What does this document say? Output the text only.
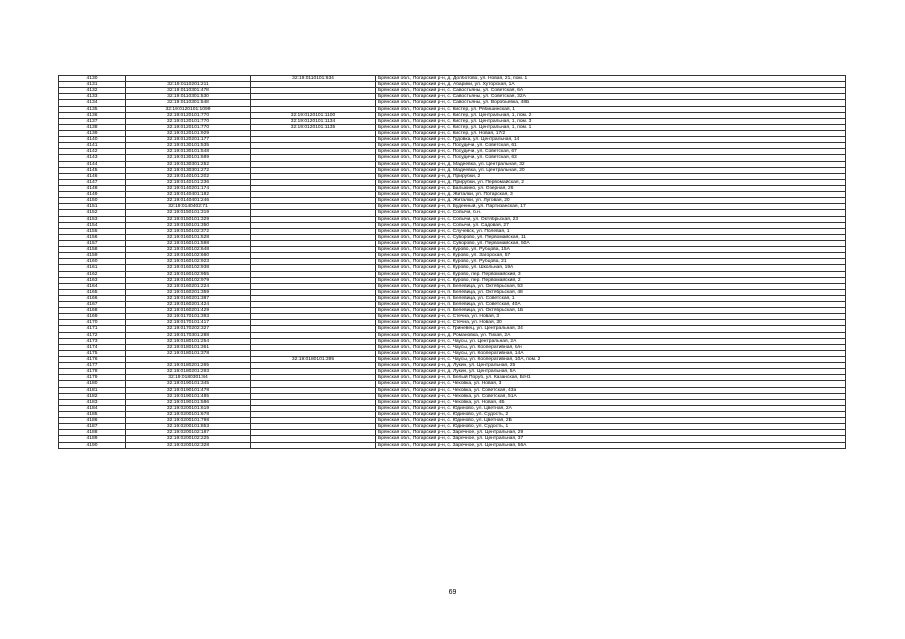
4130		32:19:0110101:634	Брянская обл., Погарский р-н, д. Долботово, ул. Новая, 21, пом. 1
4131	32:19:0110201:211		Брянская обл., Погарский р-н, д. Абарики, ул. Хуторская, 1А
4132	32:19:0110301:478		Брянская обл., Погарский р-н, с. Савостьяны, ул. Советская, 6А
4133	32:19:0110301:530		Брянская обл., Погарский р-н, с. Савостьяны, ул. Советская, 32А
4134	32:19:0110301:548		Брянская обл., Погарский р-н, с. Савостьяны, ул. Воробьевка, 48Б
4135	32:19:0120101:1099		Брянская обл., Погарский р-н, с. Кистер, ул. Рябишинская, 1
4136	32:19:0120101:770	32:19:0120101:1100	Брянская обл., Погарский р-н, с. Кистер, ул. Центральная, 1, пом. 2
4137	32:19:0120101:770	32:19:0120101:1134	Брянская обл., Погарский р-н, с. Кистер, ул. Центральная, 1, пом. 3
4138	32:19:0120101:770	32:19:0120101:1135	Брянская обл., Погарский р-н, с. Кистер, ул. Центральная, 1, пом. 1
4139	32:19:0120101:929		Брянская обл., Погарский р-н, с. Кистер, ул. Новая, 17/2
4140	32:19:0120201:177		Брянская обл., Погарский р-н, с. Гудовка, ул. Центральная, 14
4141	32:19:0130101:535		Брянская обл., Погарский р-н, с. Посудичи, ул. Советская, 61
4142	32:19:0130101:548		Брянская обл., Погарский р-н, с. Посудичи, ул. Советская, 67
4143	32:19:0130101:689		Брянская обл., Погарский р-н, с. Посудичи, ул. Советская, 63
4144	32:19:0130301:252		Брянская обл., Погарский р-н, д. Мадеевка, ул. Центральная, 32
4145	32:19:0130301:272		Брянская обл., Погарский р-н, д. Мадеевка, ул. Центральная, 20
4146	32:19:0140101:202		Брянская обл., Погарский р-н, д. Прирубки, 2
4147	32:19:0140101:236		Брянская обл., Погарский р-н, д. Прирубки, ул. Первомайская, 2
4148	32:19:0140201:174		Брянская обл., Погарский р-н, с. Балыкино, ул. Озерная, 26
4149	32:19:0140401:182		Брянская обл., Погарский р-н, д. Житалки, ул. Потарская, 3
4150	32:19:0140401:246		Брянская обл., Погарский р-н, д. Житалки, ул. Луговая, 20
4151	32:19:0140402:71		Брянская обл., Погарский р-н, п. Буденный, ул. Партизанская, 17
4152	32:19:0150101:319		Брянская обл., Погарский р-н, с. Сопычи, б.н.
4153	32:19:0150101:329		Брянская обл., Погарский р-н, с. Сопычи, ул. Октябрьская, 23
4154	32:19:0150101:350		Брянская обл., Погарский р-н, с. Сопычи, ул. Садовая, 27
4155	32:19:0150102:372		Брянская обл., Погарский р-н, с. Случевск, ул. Полевая, 1
4156	32:19:0160101:528		Брянская обл., Погарский р-н, с. Суворово, ул. Первомайская, 11
4157	32:19:0160101:598		Брянская обл., Погарский р-н, с. Суворово, ул. Первомайская, 50А
4158	32:19:0160102:648		Брянская обл., Погарский р-н, с. Курово, ул. Рубцова, 15А
4159	32:19:0160102:660		Брянская обл., Погарский р-н, с. Курово, ул. Загорская, 57
4160	32:19:0160102:923		Брянская обл., Погарский р-н, с. Курово, ул. Рубцова, 21
4161	32:19:0160102:938		Брянская обл., Погарский р-н, с. Курово, ул. Школьная, 19А
4162	32:19:0160102:955		Брянская обл., Погарский р-н, с. Курово, пер. Первомайский, 3
4163	32:19:0160102:979		Брянская обл., Погарский р-н, с. Курово, пер. Первомайский, 2
4164	32:19:0160201:224		Брянская обл., Погарский р-н, п. Белевица, ул. Октябрьская, 53
4165	32:19:0160201:359		Брянская обл., Погарский р-н, п. Белевица, ул. Октябрьская, 48
4166	32:19:0160201:387		Брянская обл., Погарский р-н, п. Белевица, ул. Советская, 1
4167	32:19:0160201:424		Брянская обл., Погарский р-н, п. Белевица, ул. Советская, 40А
4168	32:19:0160201:429		Брянская обл., Погарский р-н, п. Белевица, ул. Октябрьская, 1Б
4169	32:19:0170101:393		Брянская обл., Погарский р-н, с. Стечна, ул. Новая, 3
4170	32:19:0170101:417		Брянская обл., Погарский р-н, с. Стечна, ул. Новая, 30
4171	32:19:0170202:327		Брянская обл., Погарский р-н, с. Гриневец, ул. Центральная, 34
4172	32:19:0170301:288		Брянская обл., Погарский р-н, д. Романовка, ул. Тихая, 2А
4173	32:19:0180101:254		Брянская обл., Погарский р-н, с. Чаусы, ул. Центральная, 2А
4174	32:19:0180101:361		Брянская обл., Погарский р-н, с. Чаусы, ул. Кооперативная, б/н
4175	32:19:0180101:378		Брянская обл., Погарский р-н, с. Чаусы, ул. Кооперативная, 14А
4176		32:19:0180101:395	Брянская обл., Погарский р-н, с. Чаусы, ул. Кооперативная, 10А, пом. 2
4177	32:19:0180201:265		Брянская обл., Погарский р-н, д. Лукин, ул. Центральная, 25
4178	32:19:0180201:293		Брянская обл., Погарский р-н, д. Лукин, ул. Центральная, 5А
4179	32:19:0180301:84		Брянская обл., Погарский р-н, п. Белый Поруб, ул. Казанская, Б/Н1
4180	32:19:0190101:345		Брянская обл., Погарский р-н, с. Чеховка, ул. Новая, 3
4181	32:19:0190101:478		Брянская обл., Погарский р-н, с. Чеховка, ул. Советская, 43а
4182	32:19:0190101:485		Брянская обл., Погарский р-н, с. Чеховка, ул. Советская, 51А
4183	32:19:0190101:586		Брянская обл., Погарский р-н, с. Чеховка, ул. Новая, 4Б
4184	32:19:0200101:619		Брянская обл., Погарский р-н, с. Юдиново, ул. Цветная, 2А
4185	32:19:0200101:678		Брянская обл., Погарский р-н, с. Юдиново, ул. Судость, 2
4186	32:19:0200101:798		Брянская обл., Погарский р-н, с. Юдиново, ул. Цветная, 2Б
4187	32:19:0200101:853		Брянская обл., Погарский р-н, с. Юдиново, ул. Судость, 1
4188	32:19:0200102:187		Брянская обл., Погарский р-н, с. Заречное, ул. Центральная, 29
4189	32:19:0200102:225		Брянская обл., Погарский р-н, с. Заречное, ул. Центральная, 37
4190	32:19:0200102:328		Брянская обл., Погарский р-н, с. Заречное, ул. Центральная, 56А
69
